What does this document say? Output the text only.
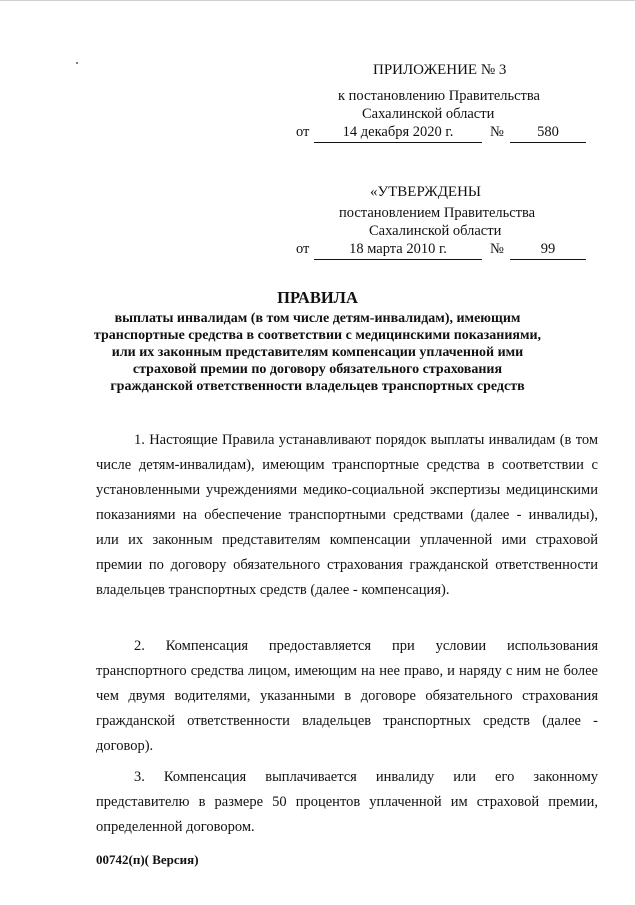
ПРИЛОЖЕНИЕ № 3
к постановлению Правительства
Сахалинской области
от	14 декабря 2020 г.	№	580
«УТВЕРЖДЕНЫ
постановлением Правительства
Сахалинской области
от	18 марта 2010 г.	№	99
ПРАВИЛА
выплаты инвалидам (в том числе детям-инвалидам), имеющим
транспортные средства в соответствии с медицинскими показаниями,
или их законным представителям компенсации уплаченной ими
страховой премии по договору обязательного страхования
гражданской ответственности владельцев транспортных средств
1. Настоящие Правила устанавливают порядок выплаты инвалидам (в том числе детям-инвалидам), имеющим транспортные средства в соответствии с установленными учреждениями медико-социальной экспертизы медицинскими показаниями на обеспечение транспортными средствами (далее - инвалиды), или их законным представителям компенсации уплаченной ими страховой премии по договору обязательного страхования гражданской ответственности владельцев транспортных средств (далее - компенсация).
2. Компенсация предоставляется при условии использования транспортного средства лицом, имеющим на нее право, и наряду с ним не более чем двумя водителями, указанными в договоре обязательного страхования гражданской ответственности владельцев транспортных средств (далее - договор).
3. Компенсация выплачивается инвалиду или его законному представителю в размере 50 процентов уплаченной им страховой премии, определенной договором.
00742(п)( Версия)
